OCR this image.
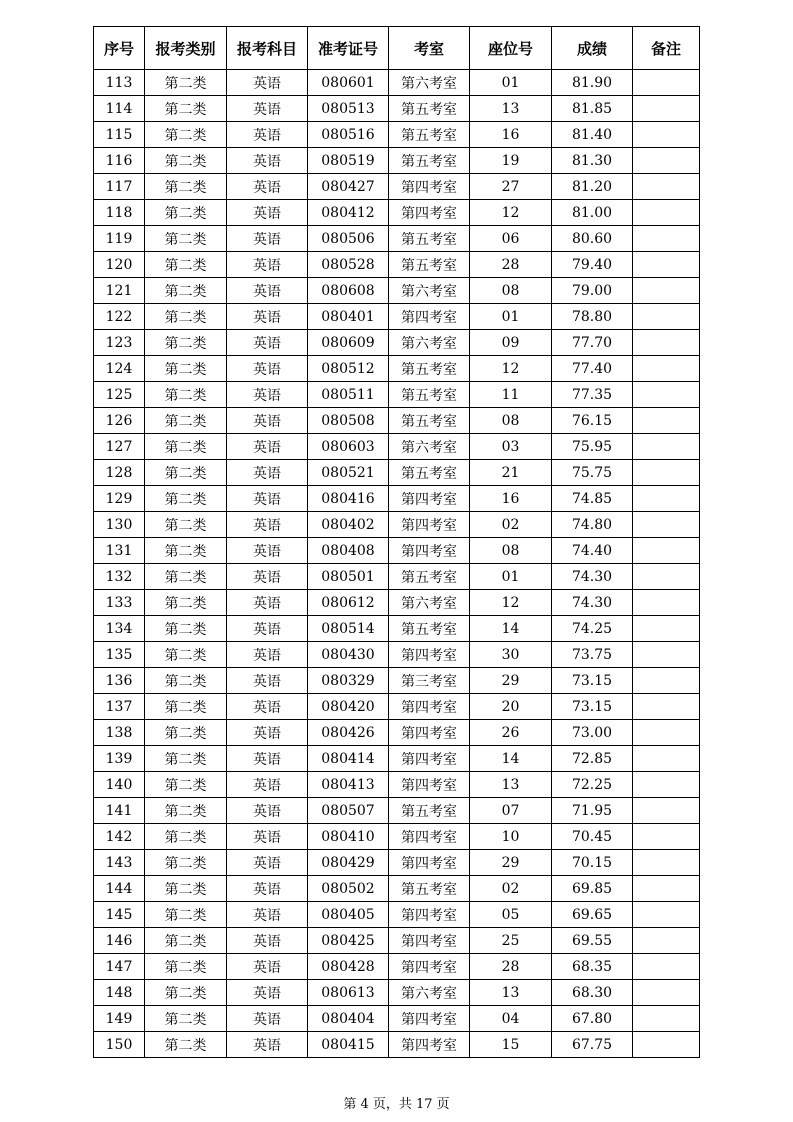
序号	报考类别	报考科目	准考证号	考室	座位号	成绩	备注
113	第二类	英语	080601	第六考室	01	81.90	
114	第二类	英语	080513	第五考室	13	81.85	
115	第二类	英语	080516	第五考室	16	81.40	
116	第二类	英语	080519	第五考室	19	81.30	
117	第二类	英语	080427	第四考室	27	81.20	
118	第二类	英语	080412	第四考室	12	81.00	
119	第二类	英语	080506	第五考室	06	80.60	
120	第二类	英语	080528	第五考室	28	79.40	
121	第二类	英语	080608	第六考室	08	79.00	
122	第二类	英语	080401	第四考室	01	78.80	
123	第二类	英语	080609	第六考室	09	77.70	
124	第二类	英语	080512	第五考室	12	77.40	
125	第二类	英语	080511	第五考室	11	77.35	
126	第二类	英语	080508	第五考室	08	76.15	
127	第二类	英语	080603	第六考室	03	75.95	
128	第二类	英语	080521	第五考室	21	75.75	
129	第二类	英语	080416	第四考室	16	74.85	
130	第二类	英语	080402	第四考室	02	74.80	
131	第二类	英语	080408	第四考室	08	74.40	
132	第二类	英语	080501	第五考室	01	74.30	
133	第二类	英语	080612	第六考室	12	74.30	
134	第二类	英语	080514	第五考室	14	74.25	
135	第二类	英语	080430	第四考室	30	73.75	
136	第二类	英语	080329	第三考室	29	73.15	
137	第二类	英语	080420	第四考室	20	73.15	
138	第二类	英语	080426	第四考室	26	73.00	
139	第二类	英语	080414	第四考室	14	72.85	
140	第二类	英语	080413	第四考室	13	72.25	
141	第二类	英语	080507	第五考室	07	71.95	
142	第二类	英语	080410	第四考室	10	70.45	
143	第二类	英语	080429	第四考室	29	70.15	
144	第二类	英语	080502	第五考室	02	69.85	
145	第二类	英语	080405	第四考室	05	69.65	
146	第二类	英语	080425	第四考室	25	69.55	
147	第二类	英语	080428	第四考室	28	68.35	
148	第二类	英语	080613	第六考室	13	68.30	
149	第二类	英语	080404	第四考室	04	67.80	
150	第二类	英语	080415	第四考室	15	67.75	
第 4 页，共 17 页
